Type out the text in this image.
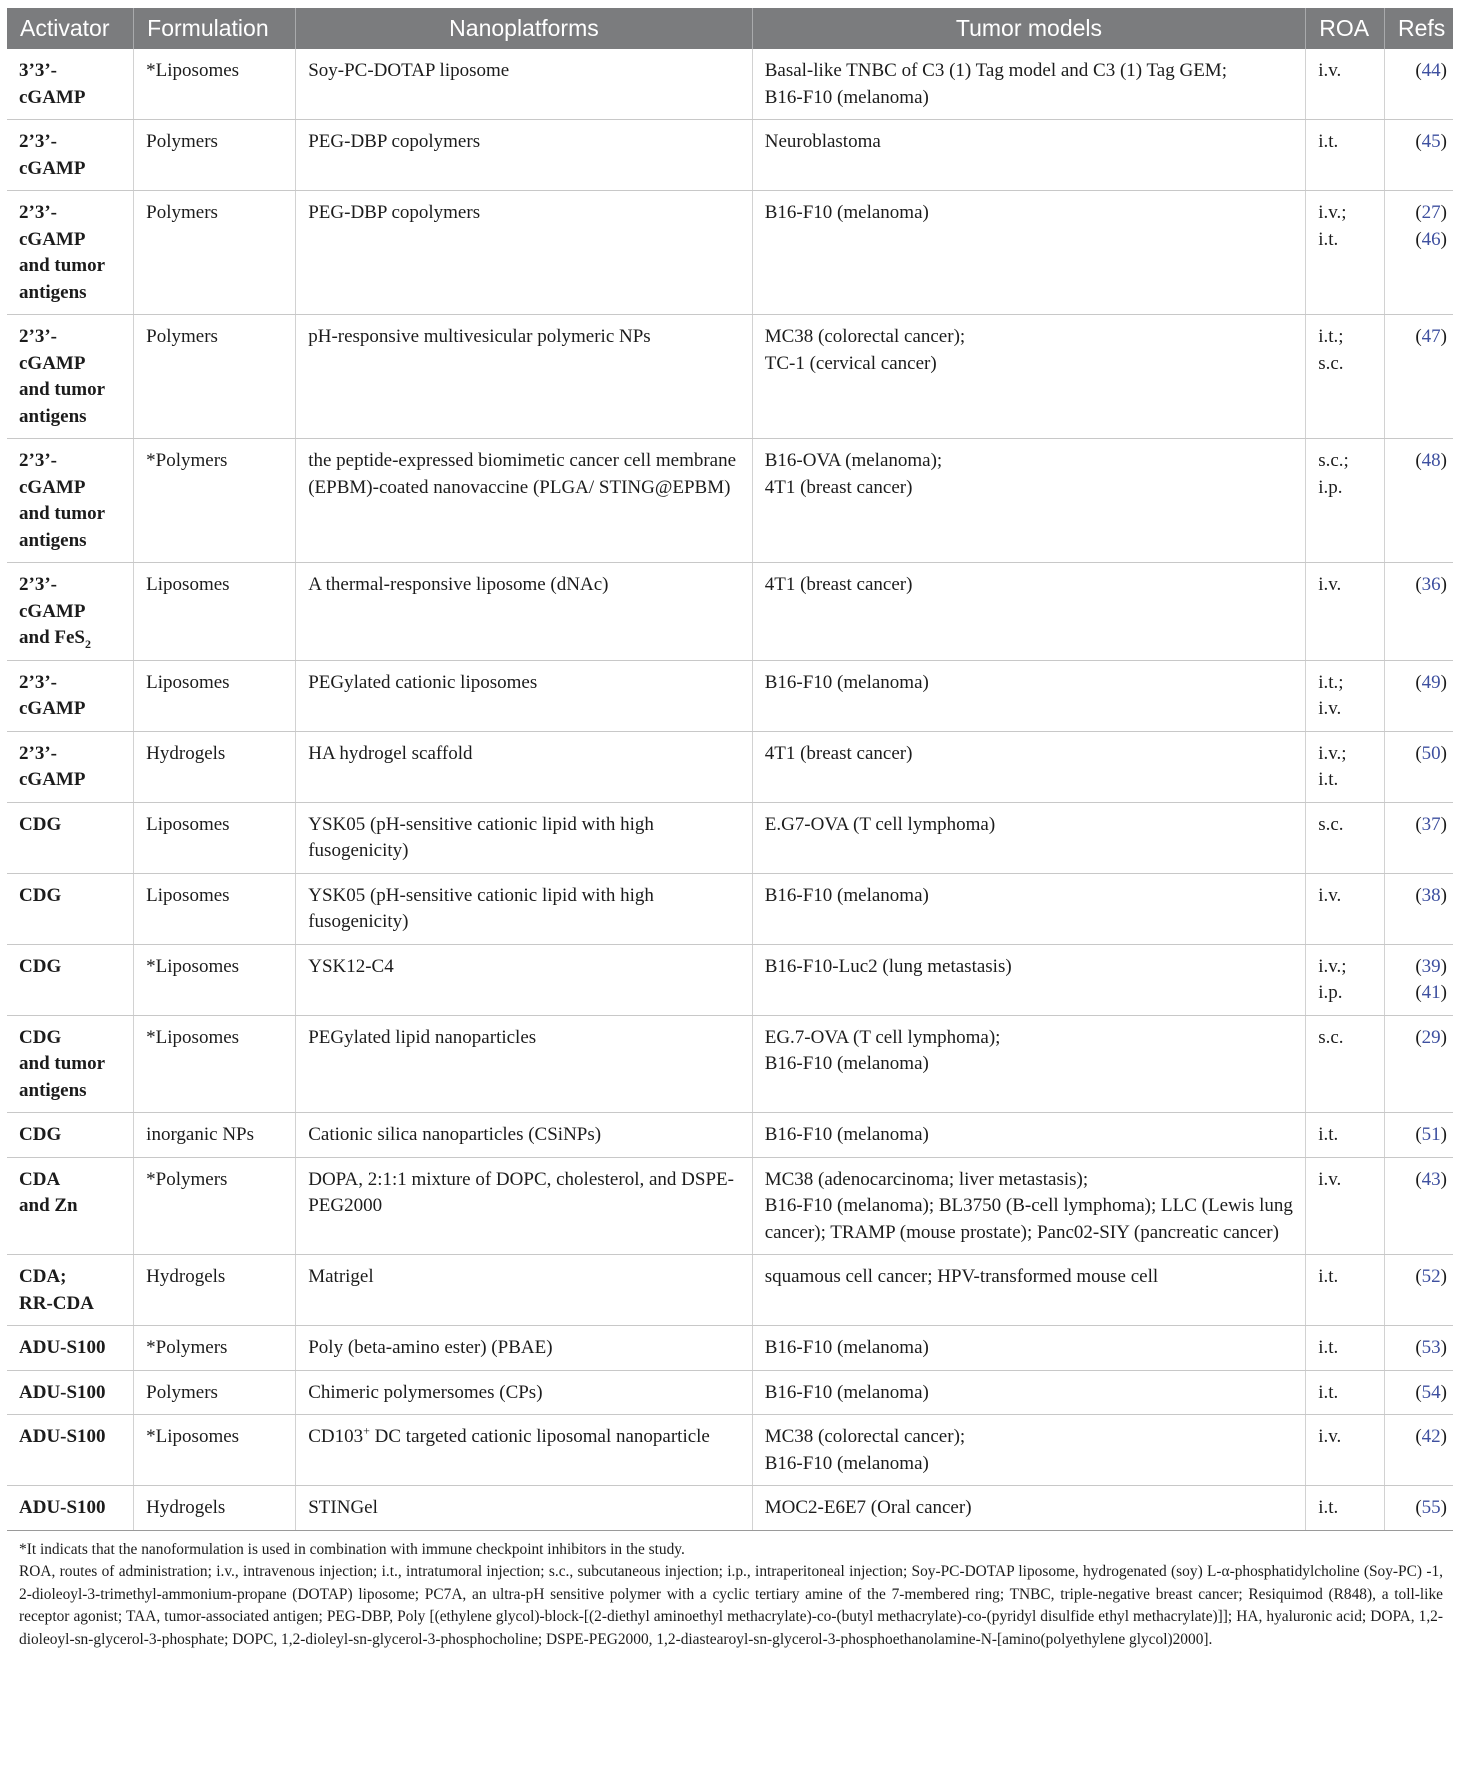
Activator	Formulation	Nanoplatforms	Tumor models	ROA	Refs

3’3’-
cGAMP	*Liposomes	Soy-PC-DOTAP liposome	Basal-like TNBC of C3 (1) Tag model and C3 (1) Tag GEM;
B16-F10 (melanoma)	i.v.	(44)

2’3’-
cGAMP	Polymers	PEG-DBP copolymers	Neuroblastoma	i.t.	(45)

2’3’-
cGAMP
and tumor
antigens	Polymers	PEG-DBP copolymers	B16-F10 (melanoma)	i.v.;
i.t.	(27)
(46)

2’3’-
cGAMP
and tumor
antigens	Polymers	pH-responsive multivesicular polymeric NPs	MC38 (colorectal cancer);
TC-1 (cervical cancer)	i.t.;
s.c.	(47)

2’3’-
cGAMP
and tumor
antigens	*Polymers	the peptide-expressed biomimetic cancer cell membrane (EPBM)-coated nanovaccine (PLGA/ STING@EPBM)	B16-OVA (melanoma);
4T1 (breast cancer)	s.c.;
i.p.	(48)

2’3’-
cGAMP
and FeS$_2$	Liposomes	A thermal-responsive liposome (dNAc)	4T1 (breast cancer)	i.v.	(36)

2’3’-
cGAMP	Liposomes	PEGylated cationic liposomes	B16-F10 (melanoma)	i.t.;
i.v.	(49)

2’3’-
cGAMP	Hydrogels	HA hydrogel scaffold	4T1 (breast cancer)	i.v.;
i.t.	(50)

CDG	Liposomes	YSK05 (pH-sensitive cationic lipid with high fusogenicity)	E.G7-OVA (T cell lymphoma)	s.c.	(37)

CDG	Liposomes	YSK05 (pH-sensitive cationic lipid with high fusogenicity)	B16-F10 (melanoma)	i.v.	(38)

CDG	*Liposomes	YSK12-C4	B16-F10-Luc2 (lung metastasis)	i.v.;
i.p.	(39)
(41)

CDG
and tumor
antigens	*Liposomes	PEGylated lipid nanoparticles	EG.7-OVA (T cell lymphoma);
B16-F10 (melanoma)	s.c.	(29)

CDG	inorganic NPs	Cationic silica nanoparticles (CSiNPs)	B16-F10 (melanoma)	i.t.	(51)

CDA
and Zn	*Polymers	DOPA, 2:1:1 mixture of DOPC, cholesterol, and DSPE-PEG2000	MC38 (adenocarcinoma; liver metastasis);
B16-F10 (melanoma); BL3750 (B-cell lymphoma); LLC (Lewis lung cancer); TRAMP (mouse prostate); Panc02-SIY (pancreatic cancer)	i.v.	(43)

CDA;
RR-CDA	Hydrogels	Matrigel	squamous cell cancer; HPV-transformed mouse cell	i.t.	(52)

ADU-S100	*Polymers	Poly (beta-amino ester) (PBAE)	B16-F10 (melanoma)	i.t.	(53)

ADU-S100	Polymers	Chimeric polymersomes (CPs)	B16-F10 (melanoma)	i.t.	(54)

ADU-S100	*Liposomes	CD103+ DC targeted cationic liposomal nanoparticle	MC38 (colorectal cancer);
B16-F10 (melanoma)	i.v.	(42)

ADU-S100	Hydrogels	STINGel	MOC2-E6E7 (Oral cancer)	i.t.	(55)

*It indicats that the nanoformulation is used in combination with immune checkpoint inhibitors in the study.

ROA, routes of administration; i.v., intravenous injection; i.t., intratumoral injection; s.c., subcutaneous injection; i.p., intraperitoneal injection; Soy-PC-DOTAP liposome, hydrogenated (soy) L-α-phosphatidylcholine (Soy-PC) -1, 2-dioleoyl-3-trimethyl-ammonium-propane (DOTAP) liposome; PC7A, an ultra-pH sensitive polymer with a cyclic tertiary amine of the 7-membered ring; TNBC, triple-negative breast cancer; Resiquimod (R848), a toll-like receptor agonist; TAA, tumor-associated antigen; PEG-DBP, Poly [(ethylene glycol)-block-[(2-diethyl aminoethyl methacrylate)-co-(butyl methacrylate)-co-(pyridyl disulfide ethyl methacrylate)]]; HA, hyaluronic acid; DOPA, 1,2-dioleoyl-sn-glycerol-3-phosphate; DOPC, 1,2-dioleyl-sn-glycerol-3-phosphocholine; DSPE-PEG2000, 1,2-diastearoyl-sn-glycerol-3-phosphoethanolamine-N-[amino(polyethylene glycol)2000].
